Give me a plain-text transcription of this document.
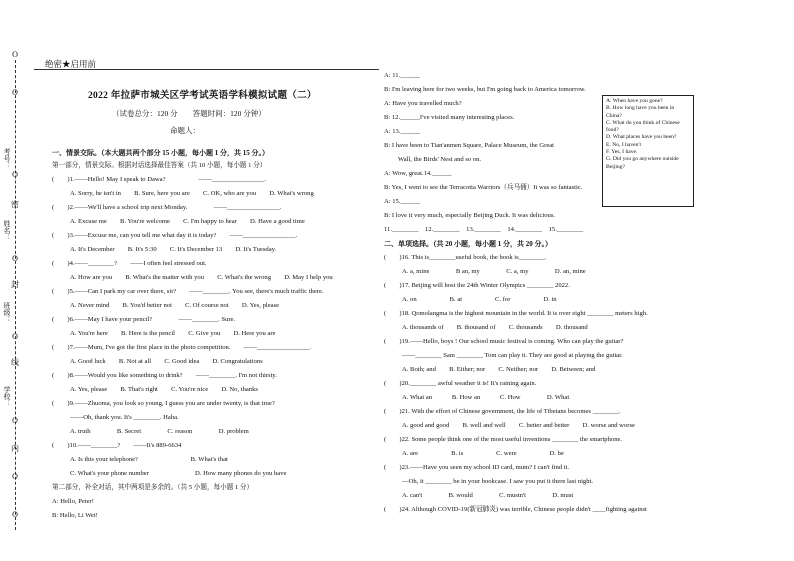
O
O
考号：
O
密
姓名：
O
封
班级：
O
线
学校：
O
内
O
O
绝密★启用前
2022 年拉萨市城关区学考试英语学科模拟试题（二）
（试卷总分：120 分　　答题时间：120 分钟）
命题人：
一、情景交际。（本大题共两个部分 15 小题，每小题 1 分，共 15 分。）
第一部分，情景交际。根据对话选择最佳答案（共 10 小题，每小题 1 分）
(　　)1.——Hello! May I speak to Dawa?　　　　　——________________.
A. Sorry, he isn't in　　B. Sure, here you are　　C. OK, who are you　　D. What's wrong
(　　)2.——We'll have a school trip next Monday.　　　　——________________.
A. Excuse me　　B. You're welcome　　C. I'm happy to hear　　D. Have a good time
(　　)3.——Excuse me, can you tell me what day it is today?　　——________________.
A. It's December　　B. It's 5:30　　C. It's December 13　　D. It's Tuesday.
(　　)4.——________?　　——I often feel stressed out.
A. How are you　　B. What's the matter with you　　C. What's the wrong　　D. May I help you
(　　)5.——Can I park my car over there, sir?　　——________. You see, there's much traffic there.
A. Never mind　　B. You'd better not　　C. Of course not　　D. Yes, please
(　　)6.——May I have your pencil?　　　　——________. Sure.
A. You're here　　B. Here is the pencil　　C. Give you　　D. Here you are
(　　)7.——Mum, I've got the first place in the photo competition.　　——________________.
A. Good luck　　B. Not at all　　C. Good idea　　D. Congratulations
(　　)8.——Would you like something to drink?　　——________. I'm not thirsty.
A. Yes, please　　B. That's right　　C. You're nice　　D. No, thanks
(　　)9.——Zhuoma, you look so young, I guess you are under twenty, is that true?
——Oh, thank you. It's ________. Haha.
A. truth　　　　B. Secret　　　　C. reason　　　　D. problem
(　　)10.——________?　　——It's 889-6634
A. Is this your telephone?　　　　　　　　B. What's that
C. What's your phone number　　　　　　　D. How many phones do you have
第二部分，补全对话，其中两项是多余的。（共 5 小题，每小题 1 分）
A: Hello, Peter!
B: Hello, Li Wei!
A: 11.______
B: I'm leaving here for two weeks, but I'm going back to America tomorrow.
A: Have you travelled much?
B: 12.______I've visited many interesting places.
A: 13.______
B: I have been to Tian'anmen Square, Palace Museum, the Great
Wall, the Birds' Nest and so on.
A: Wow, great.14.______
B: Yes, I went to see the Terracotta Warriors（兵马俑）It was so fantastic.
A: 15.______
B: I love it very much, especially Beijing Duck. It was delicious.
11.________　12.________　13.________　14.________　15.________
A. When have you gone?
B. How long have you been in China?
C. What do you think of Chinese food?
D. What places have you been?
E. No, I haven't
F. Yes, I have.
G. Did you go anywhere outside Beijing?
二、单项选择。（共 20 小题，每小题 1 分，共 20 分。）
(　　)16. This is________useful book, the book is________.
A. a, mine　　　　B an, my　　　　C. a, my　　　　D. an, mine
(　　)17. Beijing will host the 24th Winter Olympics ________ 2022.
A. on　　　　　B. at　　　　　C. for　　　　　D. in
(　　)18. Qomolangma is the highest mountain in the world. It is over eight ________ meters high.
A. thousands of　　B. thousand of　　C. thousands　　D. thousand
(　　)19.——Hello, boys ! Our school music festival is coming. Who can play the guitar?
——________ Sam ________ Tom can play it. They are good at playing the guitar.
A. Both; and　　B. Either; nor　　C. Neither; nor　　D. Between; and
(　　)20.________ awful weather it is! It's raining again.
A. What an　　　B. How an　　　C. How　　　　D. What
(　　)21. With the effort of Chinese government, the life of Tibetans becomes ________.
A. good and good　　B. well and well　　C. better and better　　D. worse and worse
(　　)22. Some people think one of the most useful inventions ________ the smartphone.
A. are　　　　　B. is　　　　　C. were　　　　　D. be
(　　)23.——Have you seen my school ID card, mum? I can't find it.
—Oh, it ________ be in your bookcase. I saw you put it there last night.
A. can't　　　　B. would　　　　C. mustn't　　　　D. must
(　　)24. Although COVID-19(新冠肺炎) was terrible, Chinese people didn't ____fighting against
